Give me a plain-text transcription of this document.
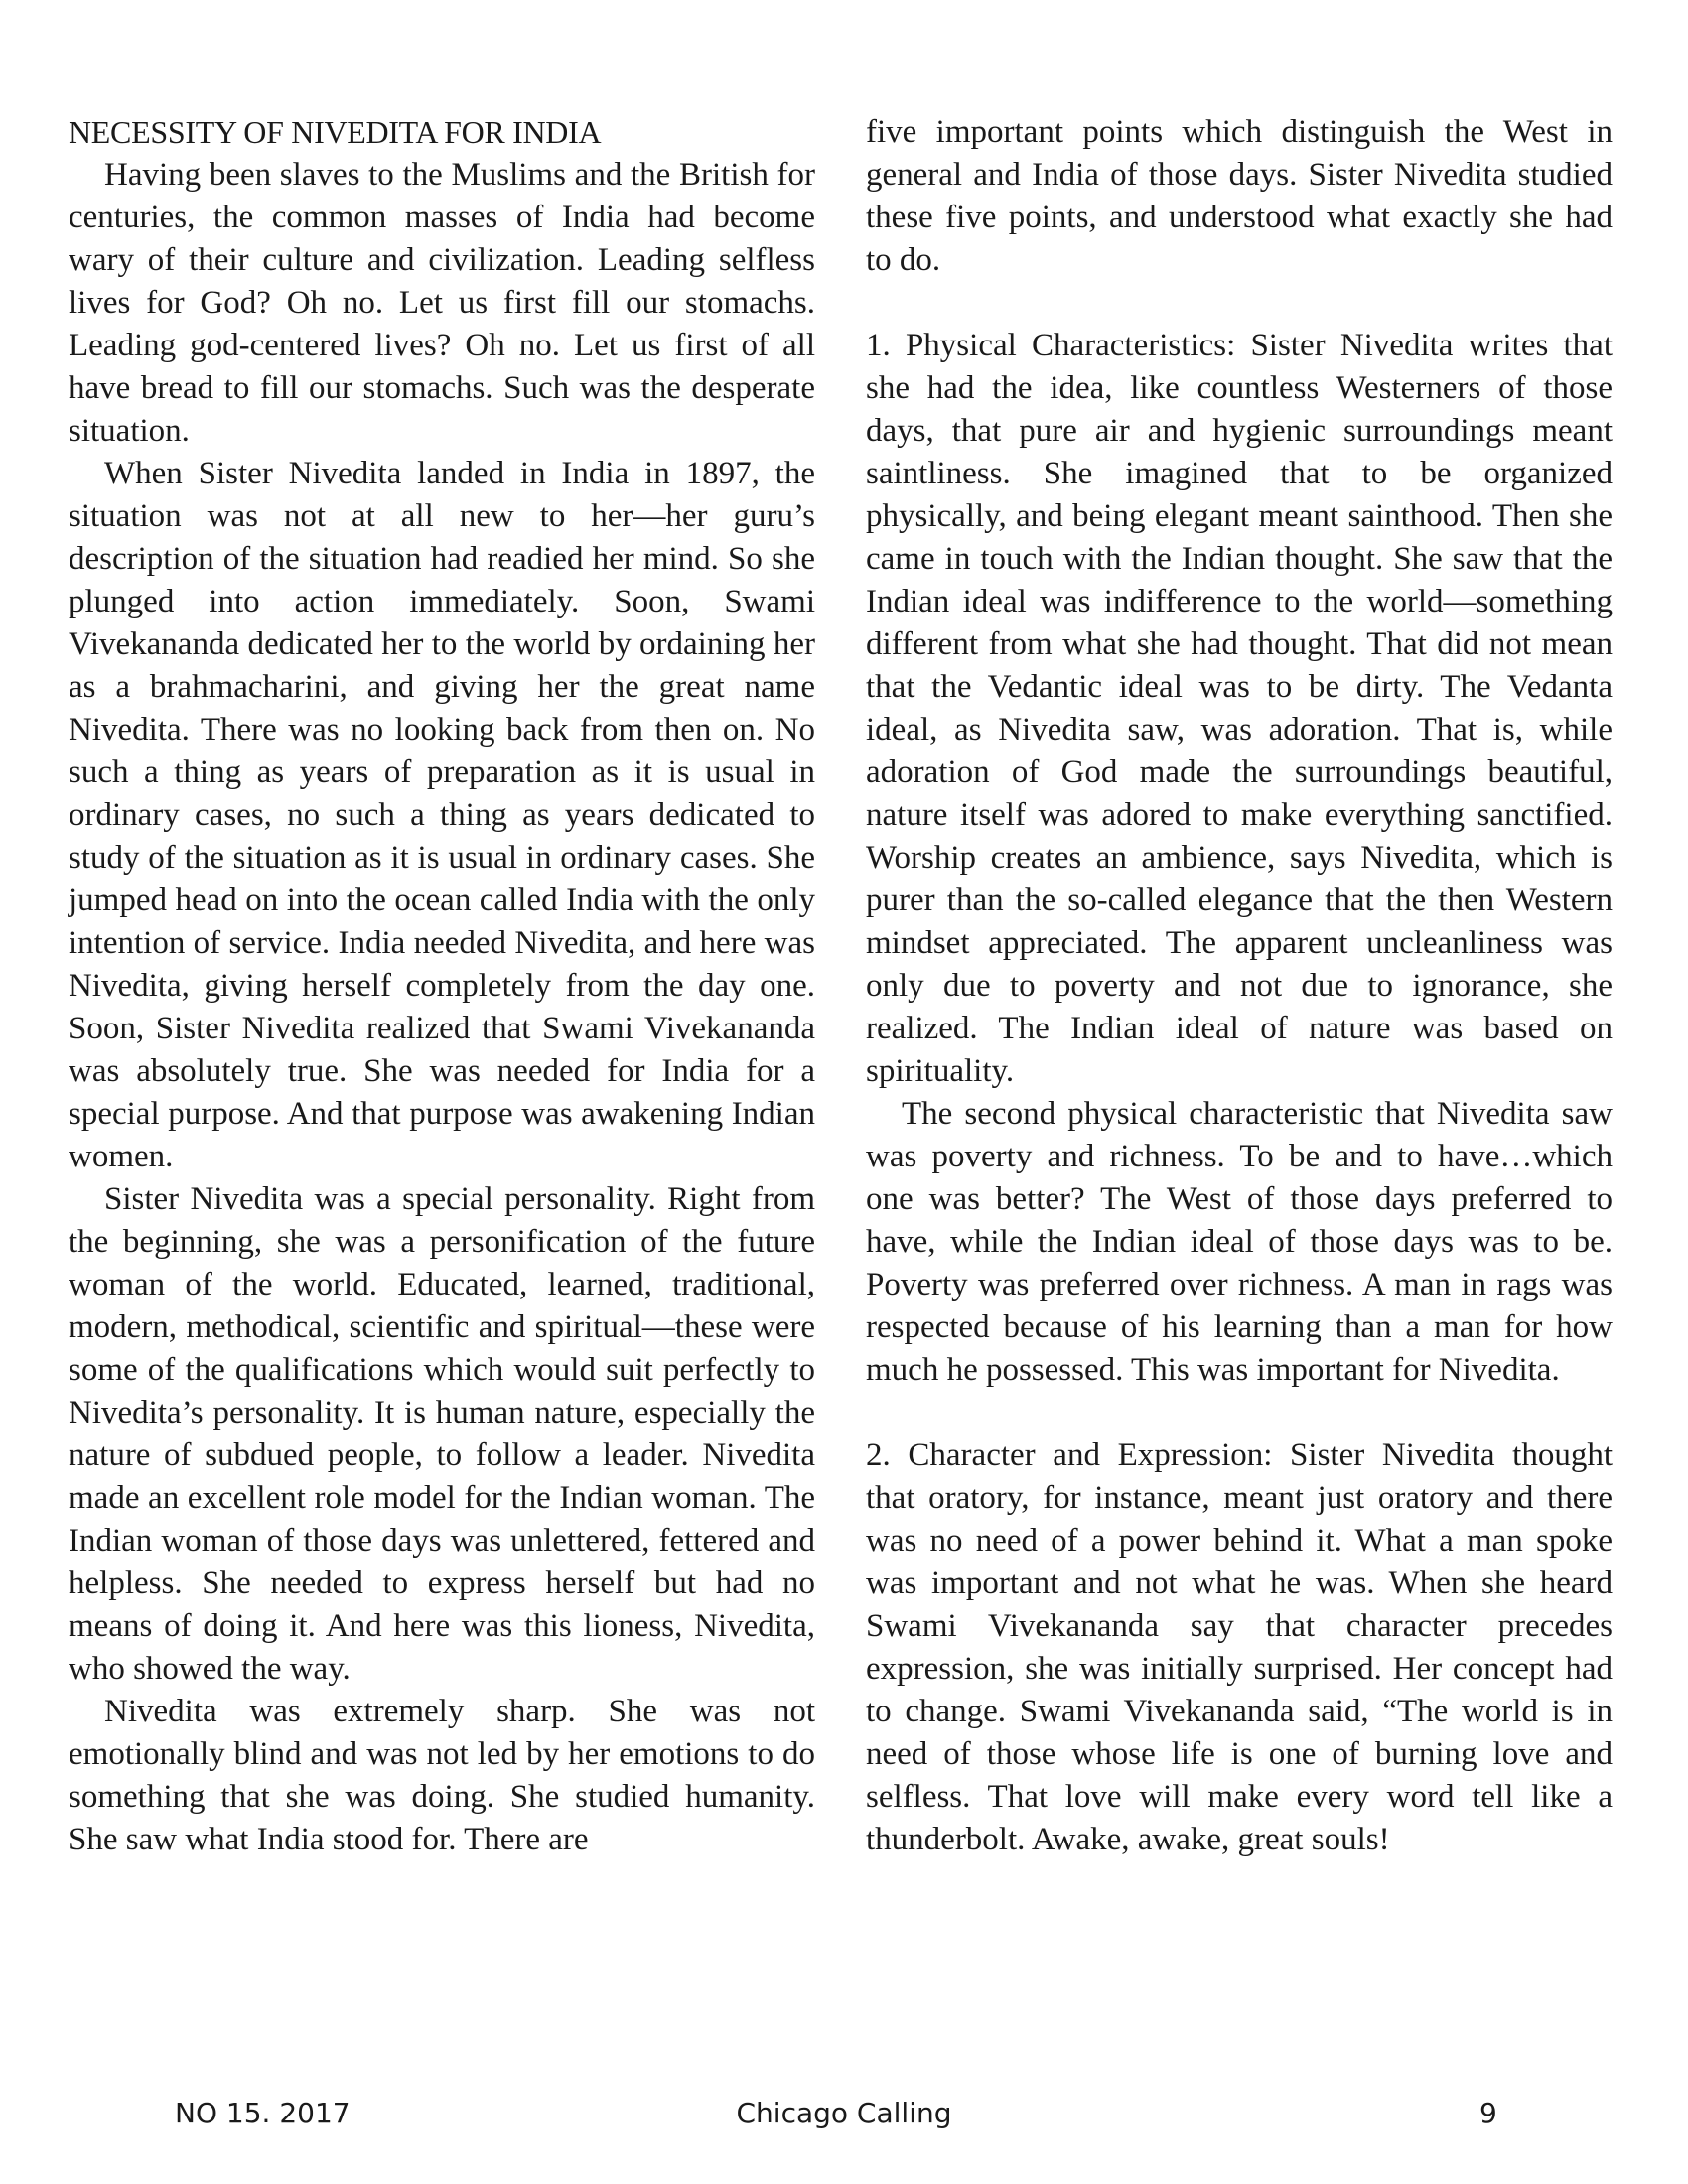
NECESSITY OF NIVEDITA FOR INDIA

Having been slaves to the Muslims and the British for centuries, the common masses of India had become wary of their culture and civilization. Leading selfless lives for God? Oh no. Let us first fill our stomachs. Leading god-centered lives? Oh no. Let us first of all have bread to fill our stomachs. Such was the desperate situation.

When Sister Nivedita landed in India in 1897, the situation was not at all new to her—her guru’s description of the situation had readied her mind. So she plunged into action immediately. Soon, Swami Vivekananda dedicated her to the world by ordaining her as a brahmacharini, and giving her the great name Nivedita. There was no looking back from then on. No such a thing as years of preparation as it is usual in ordinary cases, no such a thing as years dedicated to study of the situation as it is usual in ordinary cases. She jumped head on into the ocean called India with the only intention of service. India needed Nivedita, and here was Nivedita, giving herself completely from the day one. Soon, Sister Nivedita realized that Swami Vivekananda was absolutely true. She was needed for India for a special purpose. And that purpose was awakening Indian women.

Sister Nivedita was a special personality. Right from the beginning, she was a personification of the future woman of the world. Educated, learned, traditional, modern, methodical, scientific and spiritual—these were some of the qualifications which would suit perfectly to Nivedita’s personality. It is human nature, especially the nature of subdued people, to follow a leader. Nivedita made an excellent role model for the Indian woman. The Indian woman of those days was unlettered, fettered and helpless. She needed to express herself but had no means of doing it. And here was this lioness, Nivedita, who showed the way.

Nivedita was extremely sharp. She was not emotionally blind and was not led by her emotions to do something that she was doing. She studied humanity. She saw what India stood for. There are

five important points which distinguish the West in general and India of those days. Sister Nivedita studied these five points, and understood what exactly she had to do.

1. Physical Characteristics: Sister Nivedita writes that she had the idea, like countless Westerners of those days, that pure air and hygienic surroundings meant saintliness. She imagined that to be organized physically, and being elegant meant sainthood. Then she came in touch with the Indian thought. She saw that the Indian ideal was indifference to the world—something different from what she had thought. That did not mean that the Vedantic ideal was to be dirty. The Vedanta ideal, as Nivedita saw, was adoration. That is, while adoration of God made the surroundings beautiful, nature itself was adored to make everything sanctified. Worship creates an ambience, says Nivedita, which is purer than the so-called elegance that the then Western mindset appreciated. The apparent uncleanliness was only due to poverty and not due to ignorance, she realized. The Indian ideal of nature was based on spirituality.

The second physical characteristic that Nivedita saw was poverty and richness. To be and to have…which one was better? The West of those days preferred to have, while the Indian ideal of those days was to be. Poverty was preferred over richness. A man in rags was respected because of his learning than a man for how much he possessed. This was important for Nivedita.

2. Character and Expression: Sister Nivedita thought that oratory, for instance, meant just oratory and there was no need of a power behind it. What a man spoke was important and not what he was. When she heard Swami Vivekananda say that character precedes expression, she was initially surprised. Her concept had to change. Swami Vivekananda said, “The world is in need of those whose life is one of burning love and selfless. That love will make every word tell like a thunderbolt. Awake, awake, great souls!

NO 15. 2017	Chicago Calling	9
